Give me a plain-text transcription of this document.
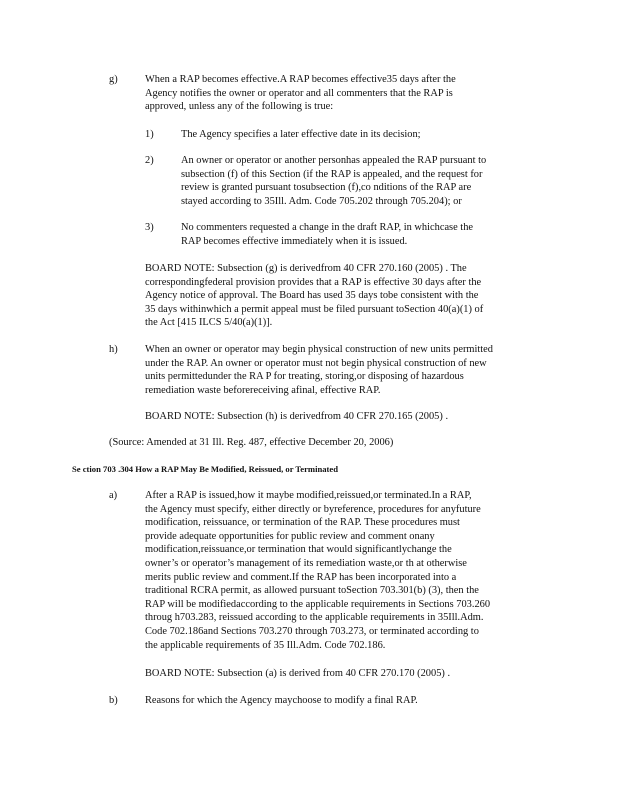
g)	When a RAP becomes effective.A RAP becomes effective35 days after the
Agency notifies the owner or operator and all commenters that the RAP is
approved, unless any of the following is true:
1)	The Agency specifies a later effective date in its decision;
2)	An owner or operator or another personhas appealed the RAP pursuant to
subsection (f) of this Section (if the RAP is appealed, and the request for
review is granted pursuant tosubsection (f),co nditions of the RAP are
stayed according to 35Ill. Adm. Code 705.202 through 705.204); or
3)	No commenters requested a change in the draft RAP, in whichcase the
RAP becomes effective immediately when it is issued.
BOARD NOTE: Subsection (g) is derivedfrom 40 CFR 270.160 (2005) . The
correspondingfederal provision provides that a RAP is effective 30 days after the
Agency notice of approval. The Board has used 35 days tobe consistent with the
35 days withinwhich a permit appeal must be filed pursuant toSection 40(a)(1) of
the Act [415 ILCS 5/40(a)(1)].
h)	When an owner or operator may begin physical construction of new units permitted
under the RAP. An owner or operator must not begin physical construction of new
units permittedunder the RA P for treating, storing,or disposing of hazardous
remediation waste beforereceiving afinal, effective RAP.
BOARD NOTE: Subsection (h) is derivedfrom 40 CFR 270.165 (2005) .
(Source: Amended at 31 Ill. Reg. 487, effective December 20, 2006)
Se ction 703 .304 How a RAP May Be Modified, Reissued, or Terminated
a)	After a RAP is issued,how it maybe modified,reissued,or terminated.In a RAP,
the Agency must specify, either directly or byreference, procedures for anyfuture
modification, reissuance, or termination of the RAP. These procedures must
provide adequate opportunities for public review and comment onany
modification,reissuance,or termination that would significantlychange the
owner’s or operator’s management of its remediation waste,or th at otherwise
merits public review and comment.If the RAP has been incorporated into a
traditional RCRA permit, as allowed pursuant toSection 703.301(b) (3), then the
RAP will be modifiedaccording to the applicable requirements in Sections 703.260
throug h703.283, reissued according to the applicable requirements in 35Ill.Adm.
Code 702.186and Sections 703.270 through 703.273, or terminated according to
the applicable requirements of 35 Ill.Adm. Code 702.186.
BOARD NOTE: Subsection (a) is derived from 40 CFR 270.170 (2005) .
b)	Reasons for which the Agency maychoose to modify a final RAP.
